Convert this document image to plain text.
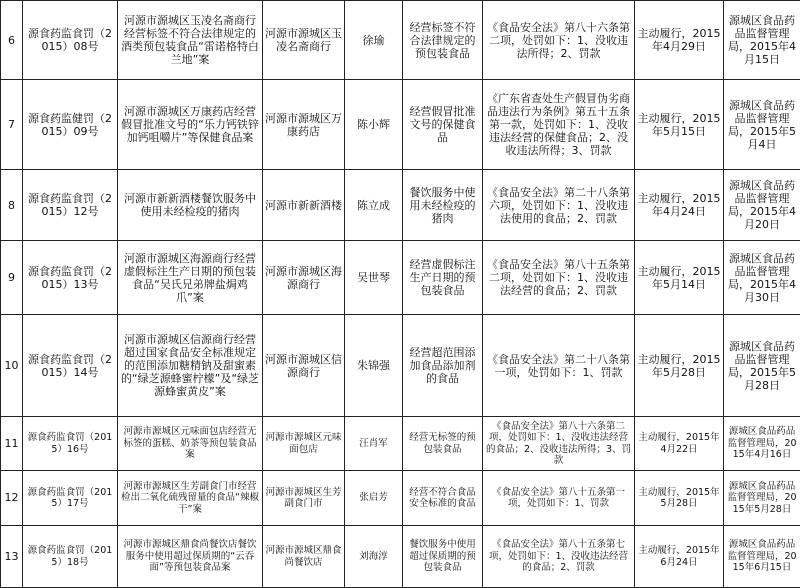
6	源食药监食罚（2015）08号	河源市源城区玉凌名斋商行经营标签不符合法律规定的酒类预包装食品“雷诺格特白兰地”案	河源市源城区玉凌名斋商行	徐瑜	经营标签不符合法律规定的预包装食品	《食品安全法》第八十六条第二项，处罚如下：1、没收违法所得；2、罚款	主动履行，2015年4月29日	源城区食品药品监督管理局，2015年4月15日
7	源食药监健罚（2015）09号	河源市源城区万康药店经营假冒批准文号的“乐力钙铁锌加钙咀嚼片”等保健食品案	河源市源城区万康药店	陈小辉	经营假冒批准文号的保健食品	《广东省查处生产假冒伪劣商品违法行为条例》第五十五条第一款，处罚如下：1、没收违法经营的保健食品；2、没收违法所得；3、罚款	主动履行，2015年5月15日	源城区食品药品监督管理局，2015年5月4日
8	源食药监食罚（2015）12号	河源市新新酒楼餐饮服务中使用未经检疫的猪肉	河源市新新酒楼	陈立成	餐饮服务中使用未经检疫的猪肉	《食品安全法》第二十八条第六项，处罚如下：1、没收违法使用的食品；2、罚款	主动履行，2015年4月24日	源城区食品药品监督管理局，2015年4月20日
9	源食药监食罚（2015）13号	河源市源城区海源商行经营虚假标注生产日期的预包装食品“吴氏兄弟牌盐焗鸡爪”案	河源市源城区海源商行	吴世琴	经营虚假标注生产日期的预包装食品	《食品安全法》第八十五条第二项，处罚如下：1、没收违法经营的食品；2、罚款	主动履行，2015年5月14日	源城区食品药品监督管理局，2015年4月30日
10	源食药监食罚（2015）14号	河源市源城区信源商行经营超过国家食品安全标准规定的范围添加糖精钠及甜蜜素的“绿芝源蜂蜜柠檬”及“绿芝源蜂蜜黄皮”案	河源市源城区信源商行	朱锦强	经营超范围添加食品添加剂的食品	《食品安全法》第二十八条第一项，处罚如下：1、罚款	主动履行，2015年5月28日	源城区食品药品监督管理局，2015年5月28日
11	源食药监食罚（2015）16号	河源市源城区元味面包店经营无标签的蛋糕、奶茶等预包装食品案	河源市源城区元味面包店	汪肖军	经营无标签的预包装食品	《食品安全法》第八十六条第二项，处罚如下：1、没收违法经营的食品；2、没收违法所得；3、罚款	主动履行，2015年4月22日	源城区食品药品监督管理局，2015年4月16日
12	源食药监食罚（2015）17号	河源市源城区生芳副食门市经营检出二氧化硫残留量的食品“辣椒干”案	河源市源城区生芳副食门市	张启芳	经营不符合食品安全标准的食品	《食品安全法》第八十五条第一项，处罚如下：1、罚款	主动履行，2015年5月28日	源城区食品药品监督管理局，2015年5月28日
13	源食药监食罚（2015）18号	河源市源城区鼎食尚餐饮店餐饮服务中使用超过保质期的“云吞面”等预包装食品案	河源市源城区鼎食尚餐饮店	刘海淳	餐饮服务中使用超过保质期的预包装食品	《食品安全法》第八十五条第七项，处罚如下：1、没收违法经营的食品；2、罚款	主动履行，2015年6月24日	源城区食品药品监督管理局，2015年6月15日
